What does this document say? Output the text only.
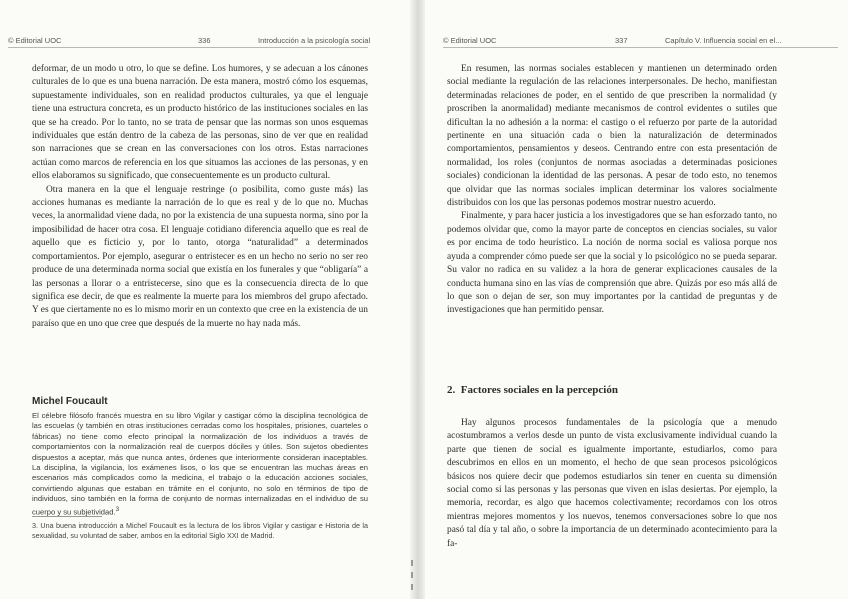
© Editorial UOC	336	Introducción a la psicología social

deformar, de un modo u otro, lo que se define. Los humores, y se adecuan a los cánones culturales de lo que es una buena narración. De esta manera, mostró cómo los esquemas, supuestamente individuales, son en realidad productos culturales, ya que el lenguaje tiene una estructura concreta, es un producto histórico de las instituciones sociales en las que se ha creado. Por lo tanto, no se trata de pensar que las normas son unos esquemas individuales que están dentro de la cabeza de las personas, sino de ver que en realidad son narraciones que se crean en las conversaciones con los otros. Estas narraciones actúan como marcos de referencia en los que situamos las acciones de las personas, y en ellos elaboramos su significado, que consecuentemente es un producto cultural.

Otra manera en la que el lenguaje restringe (o posibilita, como guste más) las acciones humanas es mediante la narración de lo que es real y de lo que no. Muchas veces, la anormalidad viene dada, no por la existencia de una supuesta norma, sino por la imposibilidad de hacer otra cosa. El lenguaje cotidiano diferencia aquello que es real de aquello que es ficticio y, por lo tanto, otorga “naturalidad” a determinados comportamientos. Por ejemplo, asegurar o entristecer es en un hecho no serio no ser reo produce de una determinada norma social que existía en los funerales y que “obligaría” a las personas a llorar o a entristecerse, sino que es la consecuencia directa de lo que significa ese decir, de que es realmente la muerte para los miembros del grupo afectado. Y es que ciertamente no es lo mismo morir en un contexto que cree en la existencia de un paraíso que en uno que cree que después de la muerte no hay nada más.

Michel Foucault

El célebre filósofo francés muestra en su libro Vigilar y castigar cómo la disciplina tecnológica de las escuelas (y también en otras instituciones cerradas como los hospitales, prisiones, cuarteles o fábricas) no tiene como efecto principal la normalización de los individuos a través de comportamientos con la normalización real de cuerpos dóciles y útiles. Son sujetos obedientes dispuestos a aceptar, más que nunca antes, órdenes que interiormente consideran inaceptables. La disciplina, la vigilancia, los exámenes lisos, o los que se encuentran las muchas áreas en escenarios más complicados como la medicina, el trabajo o la educación acciones sociales, convirtiendo algunas que estaban en trámite en el conjunto, no solo en términos de tipo de individuos, sino también en la forma de conjunto de normas internalizadas en el individuo de su cuerpo y su subjetividad.$^3$

3. Una buena introducción a Michel Foucault es la lectura de los libros Vigilar y castigar e Historia de la sexualidad, su voluntad de saber, ambos en la editorial Siglo XXI de Madrid.

© Editorial UOC	337	Capítulo V. Influencia social en el...

En resumen, las normas sociales establecen y mantienen un determinado orden social mediante la regulación de las relaciones interpersonales. De hecho, manifiestan determinadas relaciones de poder, en el sentido de que prescriben la normalidad (y proscriben la anormalidad) mediante mecanismos de control evidentes o sutiles que dificultan la no adhesión a la norma: el castigo o el refuerzo por parte de la autoridad pertinente en una situación cada o bien la naturalización de determinados comportamientos, pensamientos y deseos. Centrando entre con esta presentación de normalidad, los roles (conjuntos de normas asociadas a determinadas posiciones sociales) condicionan la identidad de las personas. A pesar de todo esto, no tenemos que olvidar que las normas sociales implican determinar los valores socialmente distribuidos con los que las personas podemos mostrar nuestro acuerdo.

Finalmente, y para hacer justicia a los investigadores que se han esforzado tanto, no podemos olvidar que, como la mayor parte de conceptos en ciencias sociales, su valor es por encima de todo heurístico. La noción de norma social es valiosa porque nos ayuda a comprender cómo puede ser que la social y lo psicológico no se pueda separar. Su valor no radica en su validez a la hora de generar explicaciones causales de la conducta humana sino en las vías de comprensión que abre. Quizás por eso más allá de lo que son o dejan de ser, son muy importantes por la cantidad de preguntas y de investigaciones que han permitido pensar.

2. Factores sociales en la percepción

Hay algunos procesos fundamentales de la psicología que a menudo acostumbramos a verlos desde un punto de vista exclusivamente individual cuando la parte que tienen de social es igualmente importante, estudiarlos, como para descubrimos en ellos en un momento, el hecho de que sean procesos psicológicos básicos nos quiere decir que podemos estudiarlos sin tener en cuenta su dimensión social como si las personas y las personas que viven en islas desiertas. Por ejemplo, la memoria, recordar, es algo que hacemos colectivamente; recordamos con los otros mientras mejores momentos y los nuevos, tenemos conversaciones sobre lo que nos pasó tal día y tal año, o sobre la importancia de un determinado acontecimiento para la fa-
